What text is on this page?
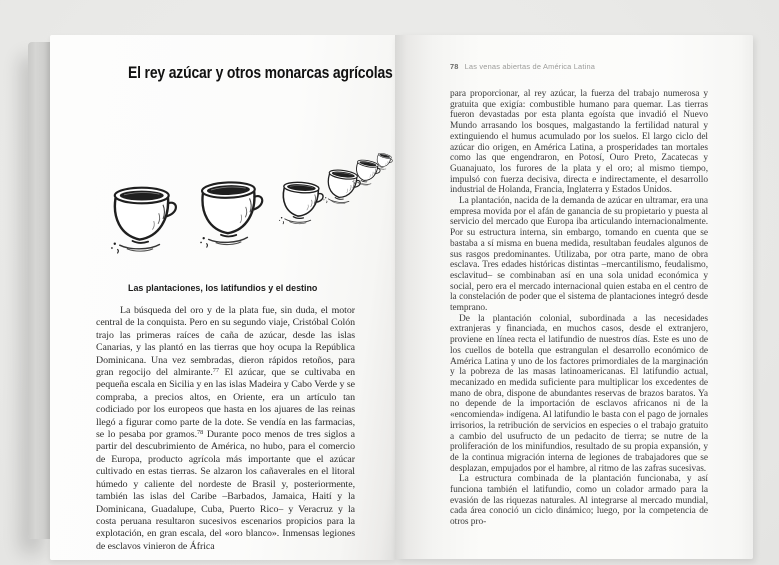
El rey azúcar y otros monarcas agrícolas
Las plantaciones, los latifundios y el destino

La búsqueda del oro y de la plata fue, sin duda, el motor central de la conquista. Pero en su segundo viaje, Cristóbal Colón trajo las primeras raíces de caña de azúcar, desde las islas Canarias, y las plantó en las tierras que hoy ocupa la República Dominicana. Una vez sembradas, dieron rápidos retoños, para gran regocijo del almirante.$^{77}$ El azúcar, que se cultivaba en pequeña escala en Sicilia y en las islas Madeira y Cabo Verde y se compraba, a precios altos, en Oriente, era un artículo tan codiciado por los europeos que hasta en los ajuares de las reinas llegó a figurar como parte de la dote. Se vendía en las farmacias, se lo pesaba por gramos.$^{78}$ Durante poco menos de tres siglos a partir del descubrimiento de América, no hubo, para el comercio de Europa, producto agrícola más importante que el azúcar cultivado en estas tierras. Se alzaron los cañaverales en el litoral húmedo y caliente del nordeste de Brasil y, posteriormente, también las islas del Caribe –Barbados, Jamaica, Haití y la Dominicana, Guadalupe, Cuba, Puerto Rico– y Veracruz y la costa peruana resultaron sucesivos escenarios propicios para la explotación, en gran escala, del «oro blanco». Inmensas legiones de esclavos vinieron de África

78 Las venas abiertas de América Latina

para proporcionar, al rey azúcar, la fuerza del trabajo numerosa y gratuita que exigía: combustible humano para quemar. Las tierras fueron devastadas por esta planta egoísta que invadió el Nuevo Mundo arrasando los bosques, malgastando la fertilidad natural y extinguiendo el humus acumulado por los suelos. El largo ciclo del azúcar dio origen, en América Latina, a prosperidades tan mortales como las que engendraron, en Potosí, Ouro Preto, Zacatecas y Guanajuato, los furores de la plata y el oro; al mismo tiempo, impulsó con fuerza decisiva, directa e indirectamente, el desarrollo industrial de Holanda, Francia, Inglaterra y Estados Unidos.

La plantación, nacida de la demanda de azúcar en ultramar, era una empresa movida por el afán de ganancia de su propietario y puesta al servicio del mercado que Europa iba articulando internacionalmente. Por su estructura interna, sin embargo, tomando en cuenta que se bastaba a sí misma en buena medida, resultaban feudales algunos de sus rasgos predominantes. Utilizaba, por otra parte, mano de obra esclava. Tres edades históricas distintas –mercantilismo, feudalismo, esclavitud– se combinaban así en una sola unidad económica y social, pero era el mercado internacional quien estaba en el centro de la constelación de poder que el sistema de plantaciones integró desde temprano.

De la plantación colonial, subordinada a las necesidades extranjeras y financiada, en muchos casos, desde el extranjero, proviene en línea recta el latifundio de nuestros días. Este es uno de los cuellos de botella que estrangulan el desarrollo económico de América Latina y uno de los factores primordiales de la marginación y la pobreza de las masas latinoamericanas. El latifundio actual, mecanizado en medida suficiente para multiplicar los excedentes de mano de obra, dispone de abundantes reservas de brazos baratos. Ya no depende de la importación de esclavos africanos ni de la «encomienda» indígena. Al latifundio le basta con el pago de jornales irrisorios, la retribución de servicios en especies o el trabajo gratuito a cambio del usufructo de un pedacito de tierra; se nutre de la proliferación de los minifundios, resultado de su propia expansión, y de la continua migración interna de legiones de trabajadores que se desplazan, empujados por el hambre, al ritmo de las zafras sucesivas.

La estructura combinada de la plantación funcionaba, y así funciona también el latifundio, como un colador armado para la evasión de las riquezas naturales. Al integrarse al mercado mundial, cada área conoció un ciclo dinámico; luego, por la competencia de otros pro-
